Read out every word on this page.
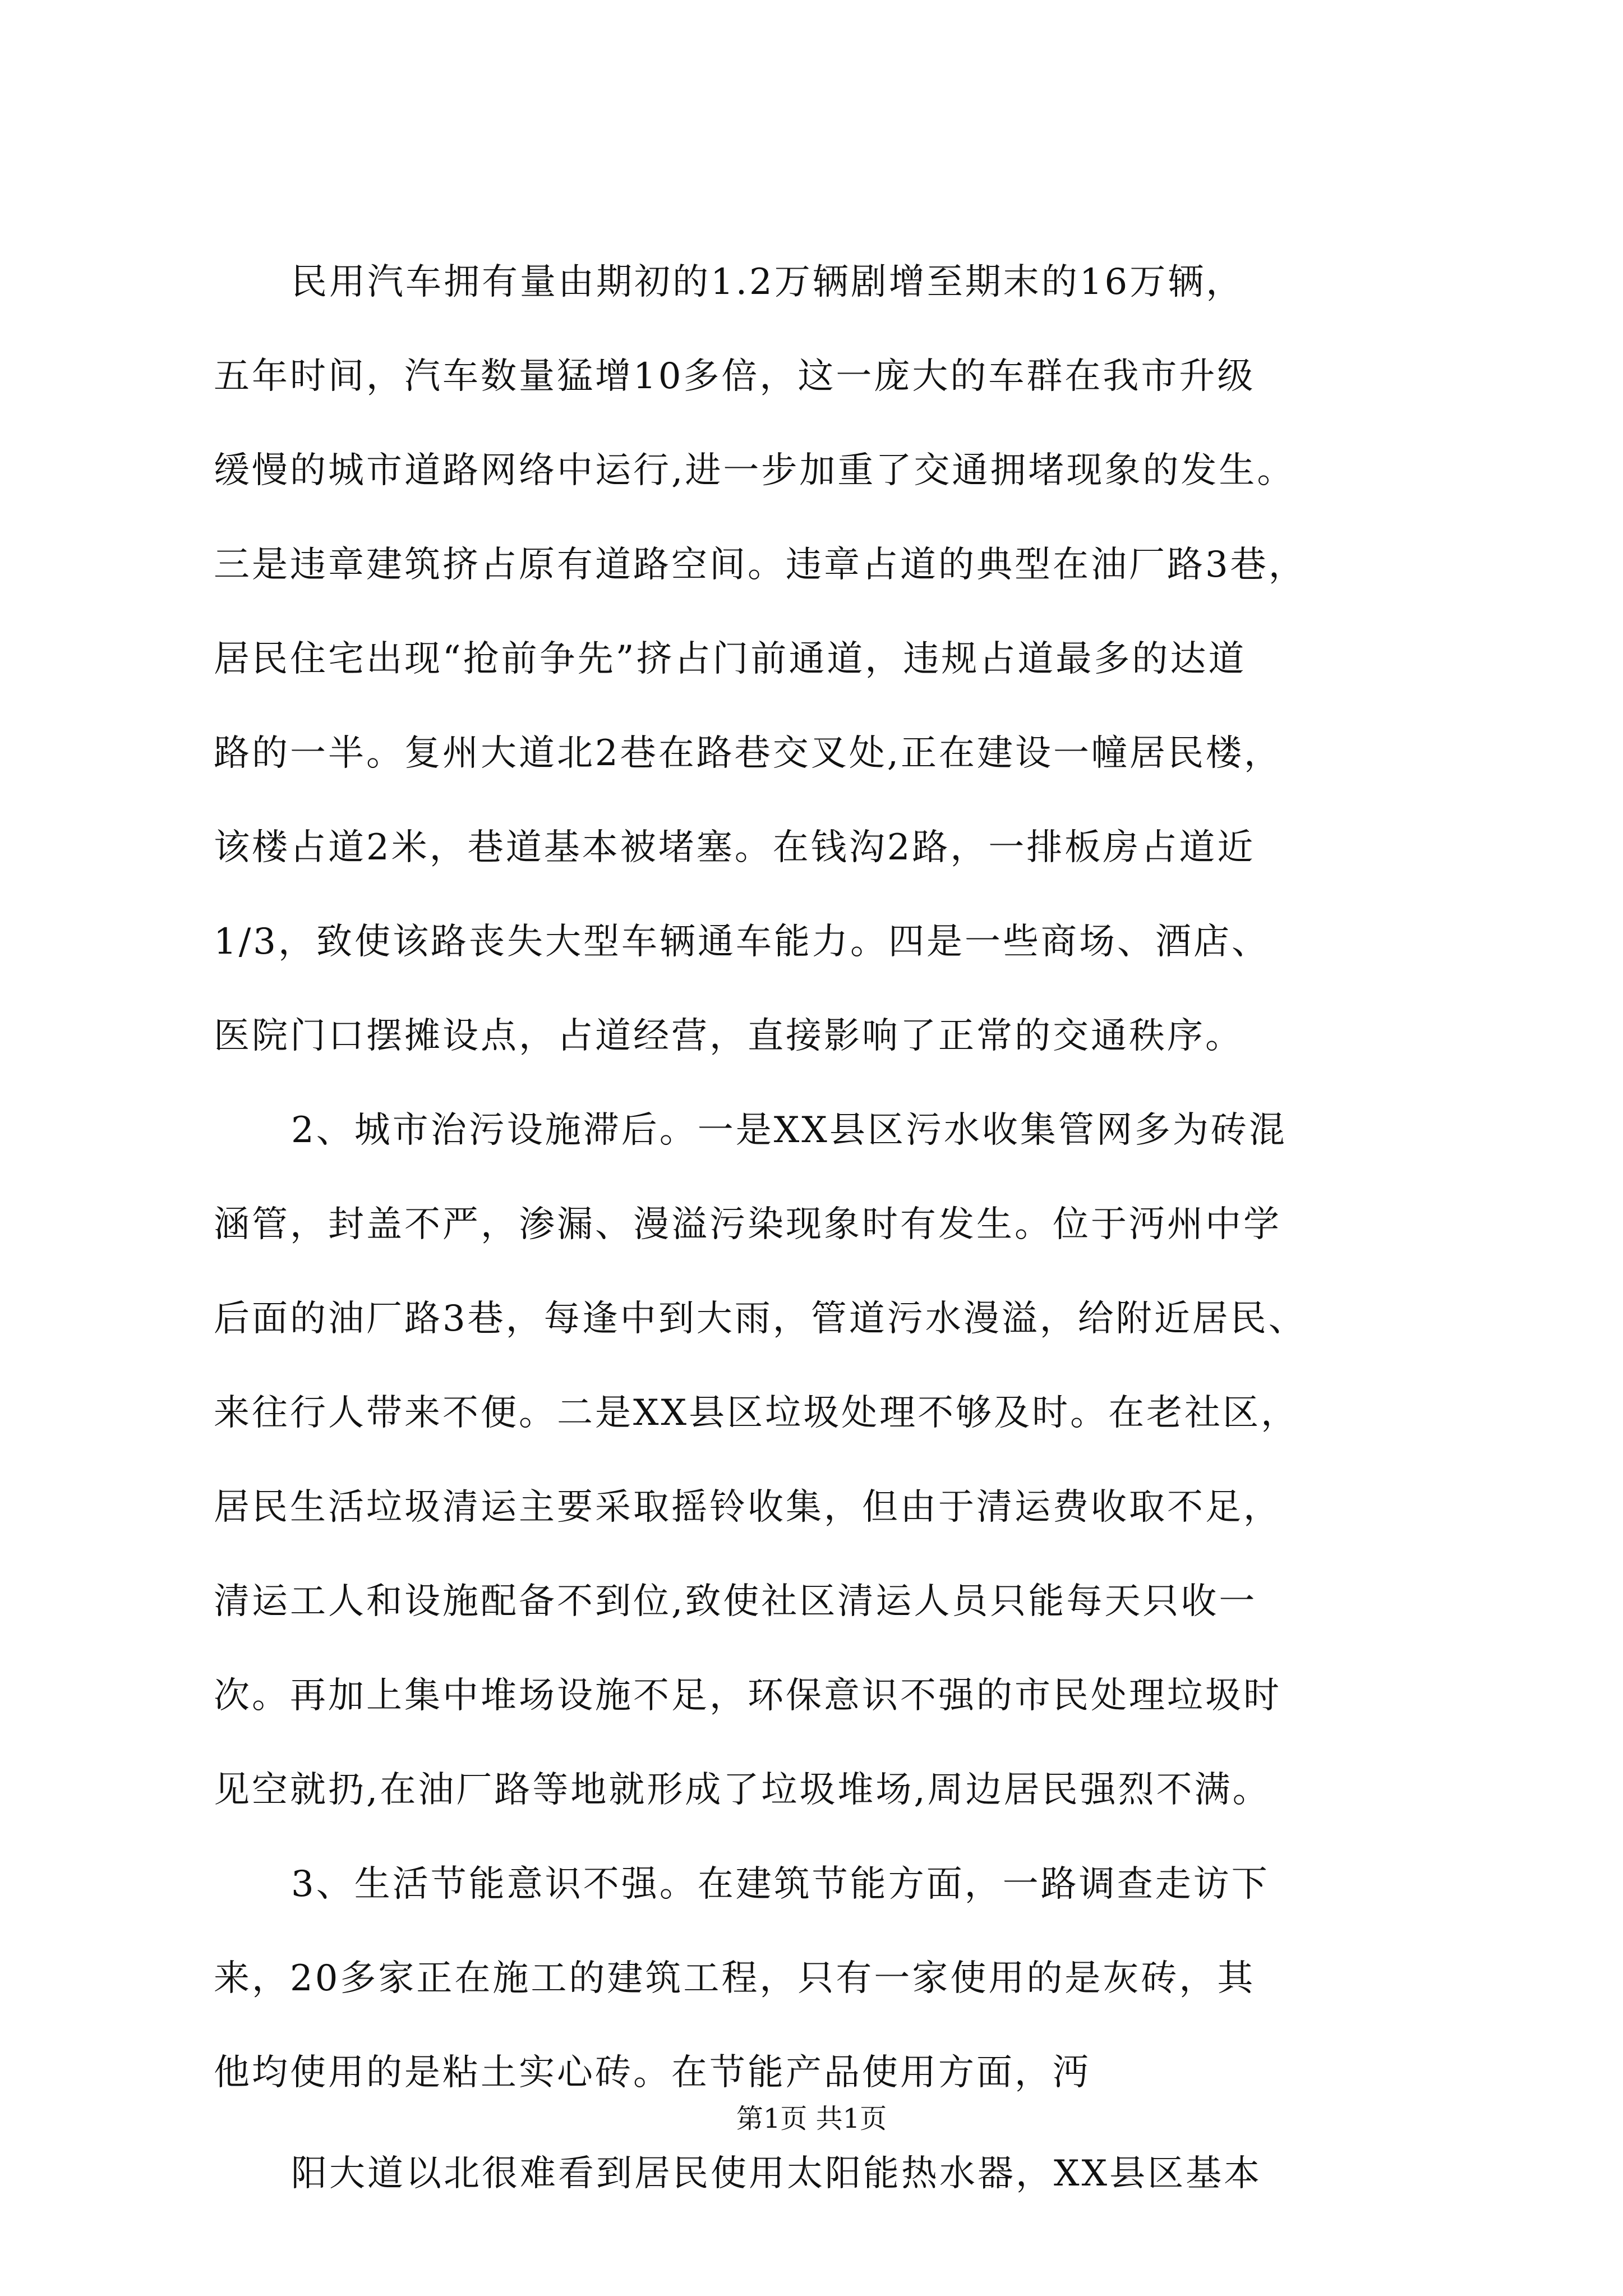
民用汽车拥有量由期初的1.2万辆剧增至期末的16万辆，
五年时间，汽车数量猛增10多倍，这一庞大的车群在我市升级
缓慢的城市道路网络中运行,进一步加重了交通拥堵现象的发生。
三是违章建筑挤占原有道路空间。违章占道的典型在油厂路3巷，
居民住宅出现“抢前争先”挤占门前通道，违规占道最多的达道
路的一半。复州大道北2巷在路巷交叉处,正在建设一幢居民楼，
该楼占道2米，巷道基本被堵塞。在钱沟2路，一排板房占道近
1/3，致使该路丧失大型车辆通车能力。四是一些商场、酒店、
医院门口摆摊设点，占道经营，直接影响了正常的交通秩序。
2、城市治污设施滞后。一是XX县区污水收集管网多为砖混
涵管，封盖不严，渗漏、漫溢污染现象时有发生。位于沔州中学
后面的油厂路3巷，每逢中到大雨，管道污水漫溢，给附近居民、
来往行人带来不便。二是XX县区垃圾处理不够及时。在老社区，
居民生活垃圾清运主要采取摇铃收集，但由于清运费收取不足，
清运工人和设施配备不到位,致使社区清运人员只能每天只收一
次。再加上集中堆场设施不足，环保意识不强的市民处理垃圾时
见空就扔,在油厂路等地就形成了垃圾堆场,周边居民强烈不满。
3、生活节能意识不强。在建筑节能方面，一路调查走访下
来，20多家正在施工的建筑工程，只有一家使用的是灰砖，其
他均使用的是粘土实心砖。在节能产品使用方面，沔
阳大道以北很难看到居民使用太阳能热水器，XX县区基本
第1页 共1页
